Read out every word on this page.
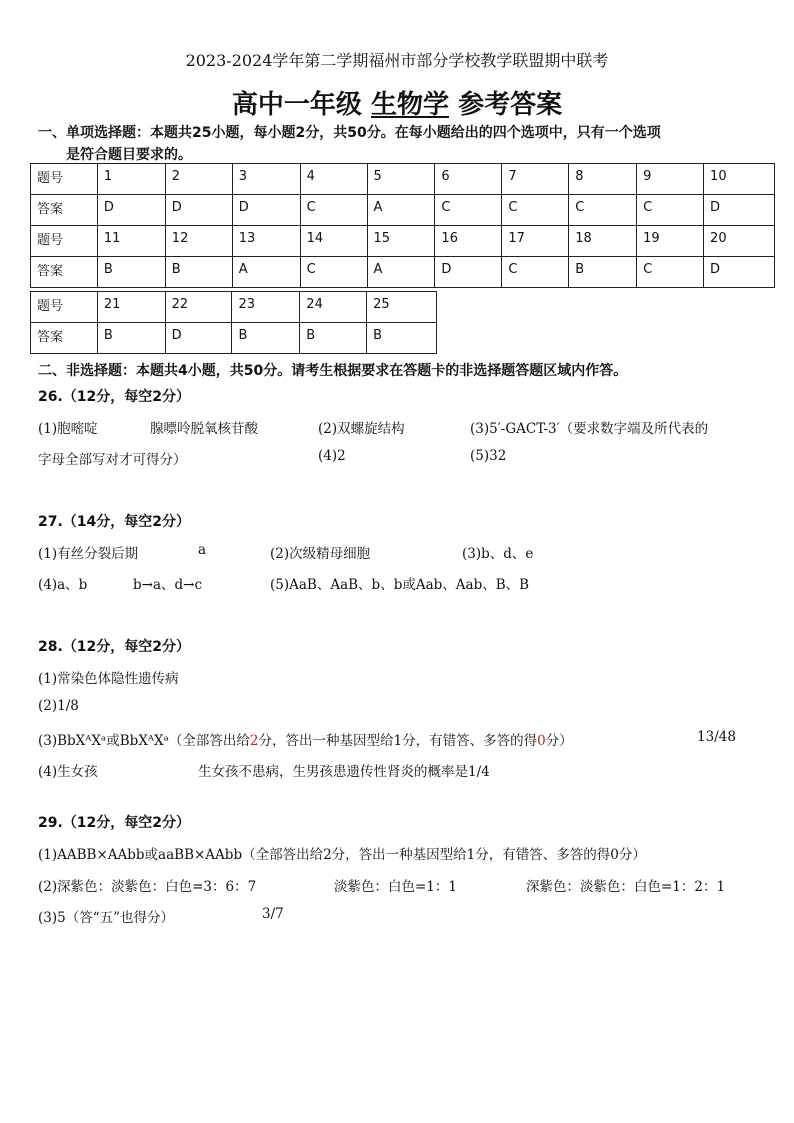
2023-2024学年第二学期福州市部分学校教学联盟期中联考
高中一年级 生物学 参考答案
一、单项选择题：本题共25小题，每小题2分，共50分。在每小题给出的四个选项中，只有一个选项
是符合题目要求的。
题号	1	2	3	4	5	6	7	8	9	10
答案	D	D	D	C	A	C	C	C	C	D
题号	11	12	13	14	15	16	17	18	19	20
答案	B	B	A	C	A	D	C	B	C	D
题号	21	22	23	24	25
答案	B	D	B	B	B
二、非选择题：本题共4小题，共50分。请考生根据要求在答题卡的非选择题答题区域内作答。
26.（12分，每空2分）
(1)胞嘧啶	腺嘌呤脱氧核苷酸	(2)双螺旋结构	(3)5′-GACT-3′（要求数字端及所代表的
字母全部写对才可得分）	(4)2	(5)32
27.（14分，每空2分）
(1)有丝分裂后期	a	(2)次级精母细胞	(3)b、d、e
(4)a、b	b→a、d→c	(5)AaB、AaB、b、b或Aab、Aab、B、B
28.（12分，每空2分）
(1)常染色体隐性遗传病
(2)1/8
(3)BbXᴬXᵃ或BbXᴬXᵃ（全部答出给2分，答出一种基因型给1分，有错答、多答的得0分）	13/48
(4)生女孩	生女孩不患病，生男孩患遗传性肾炎的概率是1/4
29.（12分，每空2分）
(1)AABB×AAbb或aaBB×AAbb（全部答出给2分，答出一种基因型给1分，有错答、多答的得0分）
(2)深紫色：淡紫色：白色=3：6：7	淡紫色：白色=1：1	深紫色：淡紫色：白色=1：2：1
(3)5（答“五”也得分）	3/7
